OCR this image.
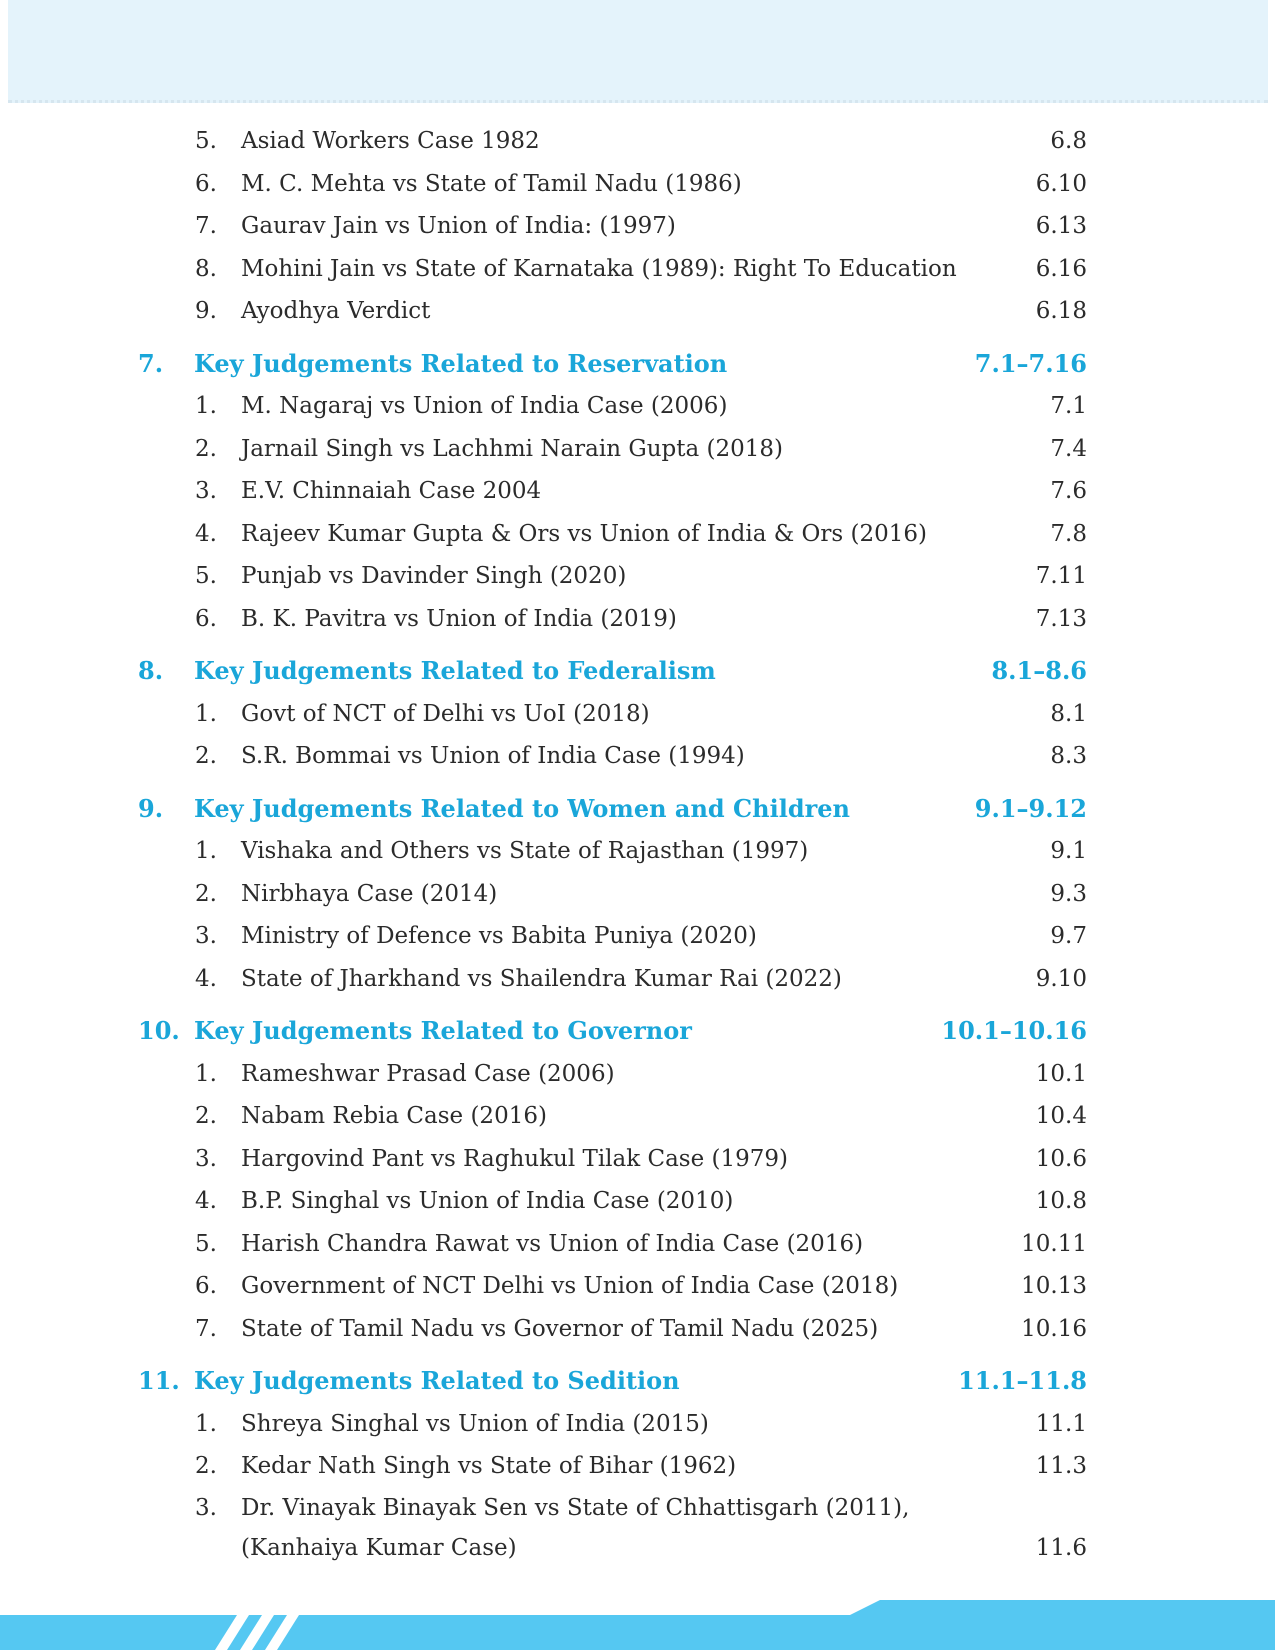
5. Asiad Workers Case 1982	6.8
6. M. C. Mehta vs State of Tamil Nadu (1986)	6.10
7. Gaurav Jain vs Union of India: (1997)	6.13
8. Mohini Jain vs State of Karnataka (1989): Right To Education	6.16
9. Ayodhya Verdict	6.18
7. Key Judgements Related to Reservation	7.1–7.16
1. M. Nagaraj vs Union of India Case (2006)	7.1
2. Jarnail Singh vs Lachhmi Narain Gupta (2018)	7.4
3. E.V. Chinnaiah Case 2004	7.6
4. Rajeev Kumar Gupta & Ors vs Union of India & Ors (2016)	7.8
5. Punjab vs Davinder Singh (2020)	7.11
6. B. K. Pavitra vs Union of India (2019)	7.13
8. Key Judgements Related to Federalism	8.1–8.6
1. Govt of NCT of Delhi vs UoI (2018)	8.1
2. S.R. Bommai vs Union of India Case (1994)	8.3
9. Key Judgements Related to Women and Children	9.1–9.12
1. Vishaka and Others vs State of Rajasthan (1997)	9.1
2. Nirbhaya Case (2014)	9.3
3. Ministry of Defence vs Babita Puniya (2020)	9.7
4. State of Jharkhand vs Shailendra Kumar Rai (2022)	9.10
10. Key Judgements Related to Governor	10.1–10.16
1. Rameshwar Prasad Case (2006)	10.1
2. Nabam Rebia Case (2016)	10.4
3. Hargovind Pant vs Raghukul Tilak Case (1979)	10.6
4. B.P. Singhal vs Union of India Case (2010)	10.8
5. Harish Chandra Rawat vs Union of India Case (2016)	10.11
6. Government of NCT Delhi vs Union of India Case (2018)	10.13
7. State of Tamil Nadu vs Governor of Tamil Nadu (2025)	10.16
11. Key Judgements Related to Sedition	11.1–11.8
1. Shreya Singhal vs Union of India (2015)	11.1
2. Kedar Nath Singh vs State of Bihar (1962)	11.3
3. Dr. Vinayak Binayak Sen vs State of Chhattisgarh (2011),
(Kanhaiya Kumar Case)	11.6
